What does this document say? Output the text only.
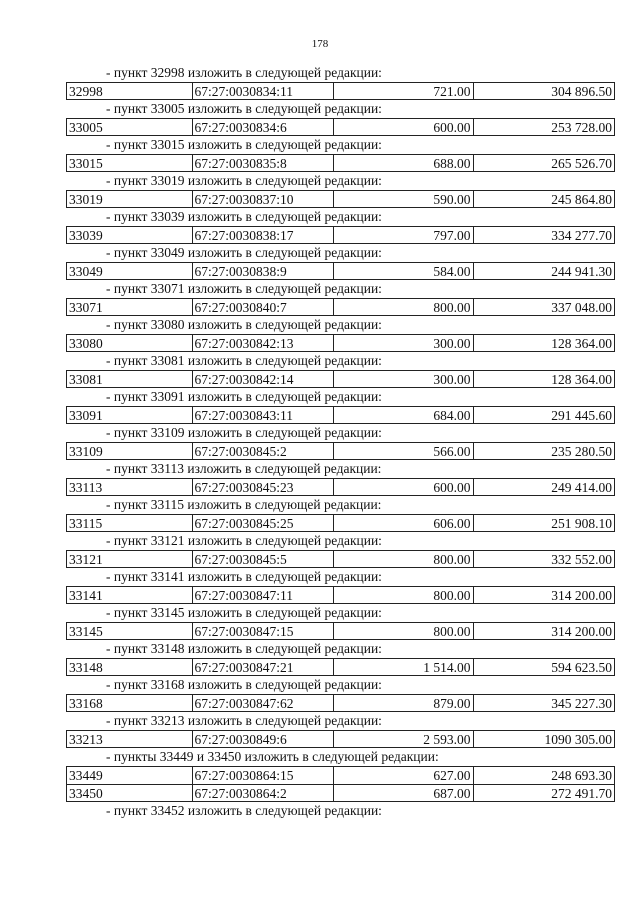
178
- пункт 32998 изложить в следующей редакции:
32998	67:27:0030834:11	721.00	304 896.50
- пункт 33005 изложить в следующей редакции:
33005	67:27:0030834:6	600.00	253 728.00
- пункт 33015 изложить в следующей редакции:
33015	67:27:0030835:8	688.00	265 526.70
- пункт 33019 изложить в следующей редакции:
33019	67:27:0030837:10	590.00	245 864.80
- пункт 33039 изложить в следующей редакции:
33039	67:27:0030838:17	797.00	334 277.70
- пункт 33049 изложить в следующей редакции:
33049	67:27:0030838:9	584.00	244 941.30
- пункт 33071 изложить в следующей редакции:
33071	67:27:0030840:7	800.00	337 048.00
- пункт 33080 изложить в следующей редакции:
33080	67:27:0030842:13	300.00	128 364.00
- пункт 33081 изложить в следующей редакции:
33081	67:27:0030842:14	300.00	128 364.00
- пункт 33091 изложить в следующей редакции:
33091	67:27:0030843:11	684.00	291 445.60
- пункт 33109 изложить в следующей редакции:
33109	67:27:0030845:2	566.00	235 280.50
- пункт 33113 изложить в следующей редакции:
33113	67:27:0030845:23	600.00	249 414.00
- пункт 33115 изложить в следующей редакции:
33115	67:27:0030845:25	606.00	251 908.10
- пункт 33121 изложить в следующей редакции:
33121	67:27:0030845:5	800.00	332 552.00
- пункт 33141 изложить в следующей редакции:
33141	67:27:0030847:11	800.00	314 200.00
- пункт 33145 изложить в следующей редакции:
33145	67:27:0030847:15	800.00	314 200.00
- пункт 33148 изложить в следующей редакции:
33148	67:27:0030847:21	1 514.00	594 623.50
- пункт 33168 изложить в следующей редакции:
33168	67:27:0030847:62	879.00	345 227.30
- пункт 33213 изложить в следующей редакции:
33213	67:27:0030849:6	2 593.00	1090 305.00
- пункты 33449 и 33450 изложить в следующей редакции:
33449	67:27:0030864:15	627.00	248 693.30
33450	67:27:0030864:2	687.00	272 491.70
- пункт 33452 изложить в следующей редакции:
